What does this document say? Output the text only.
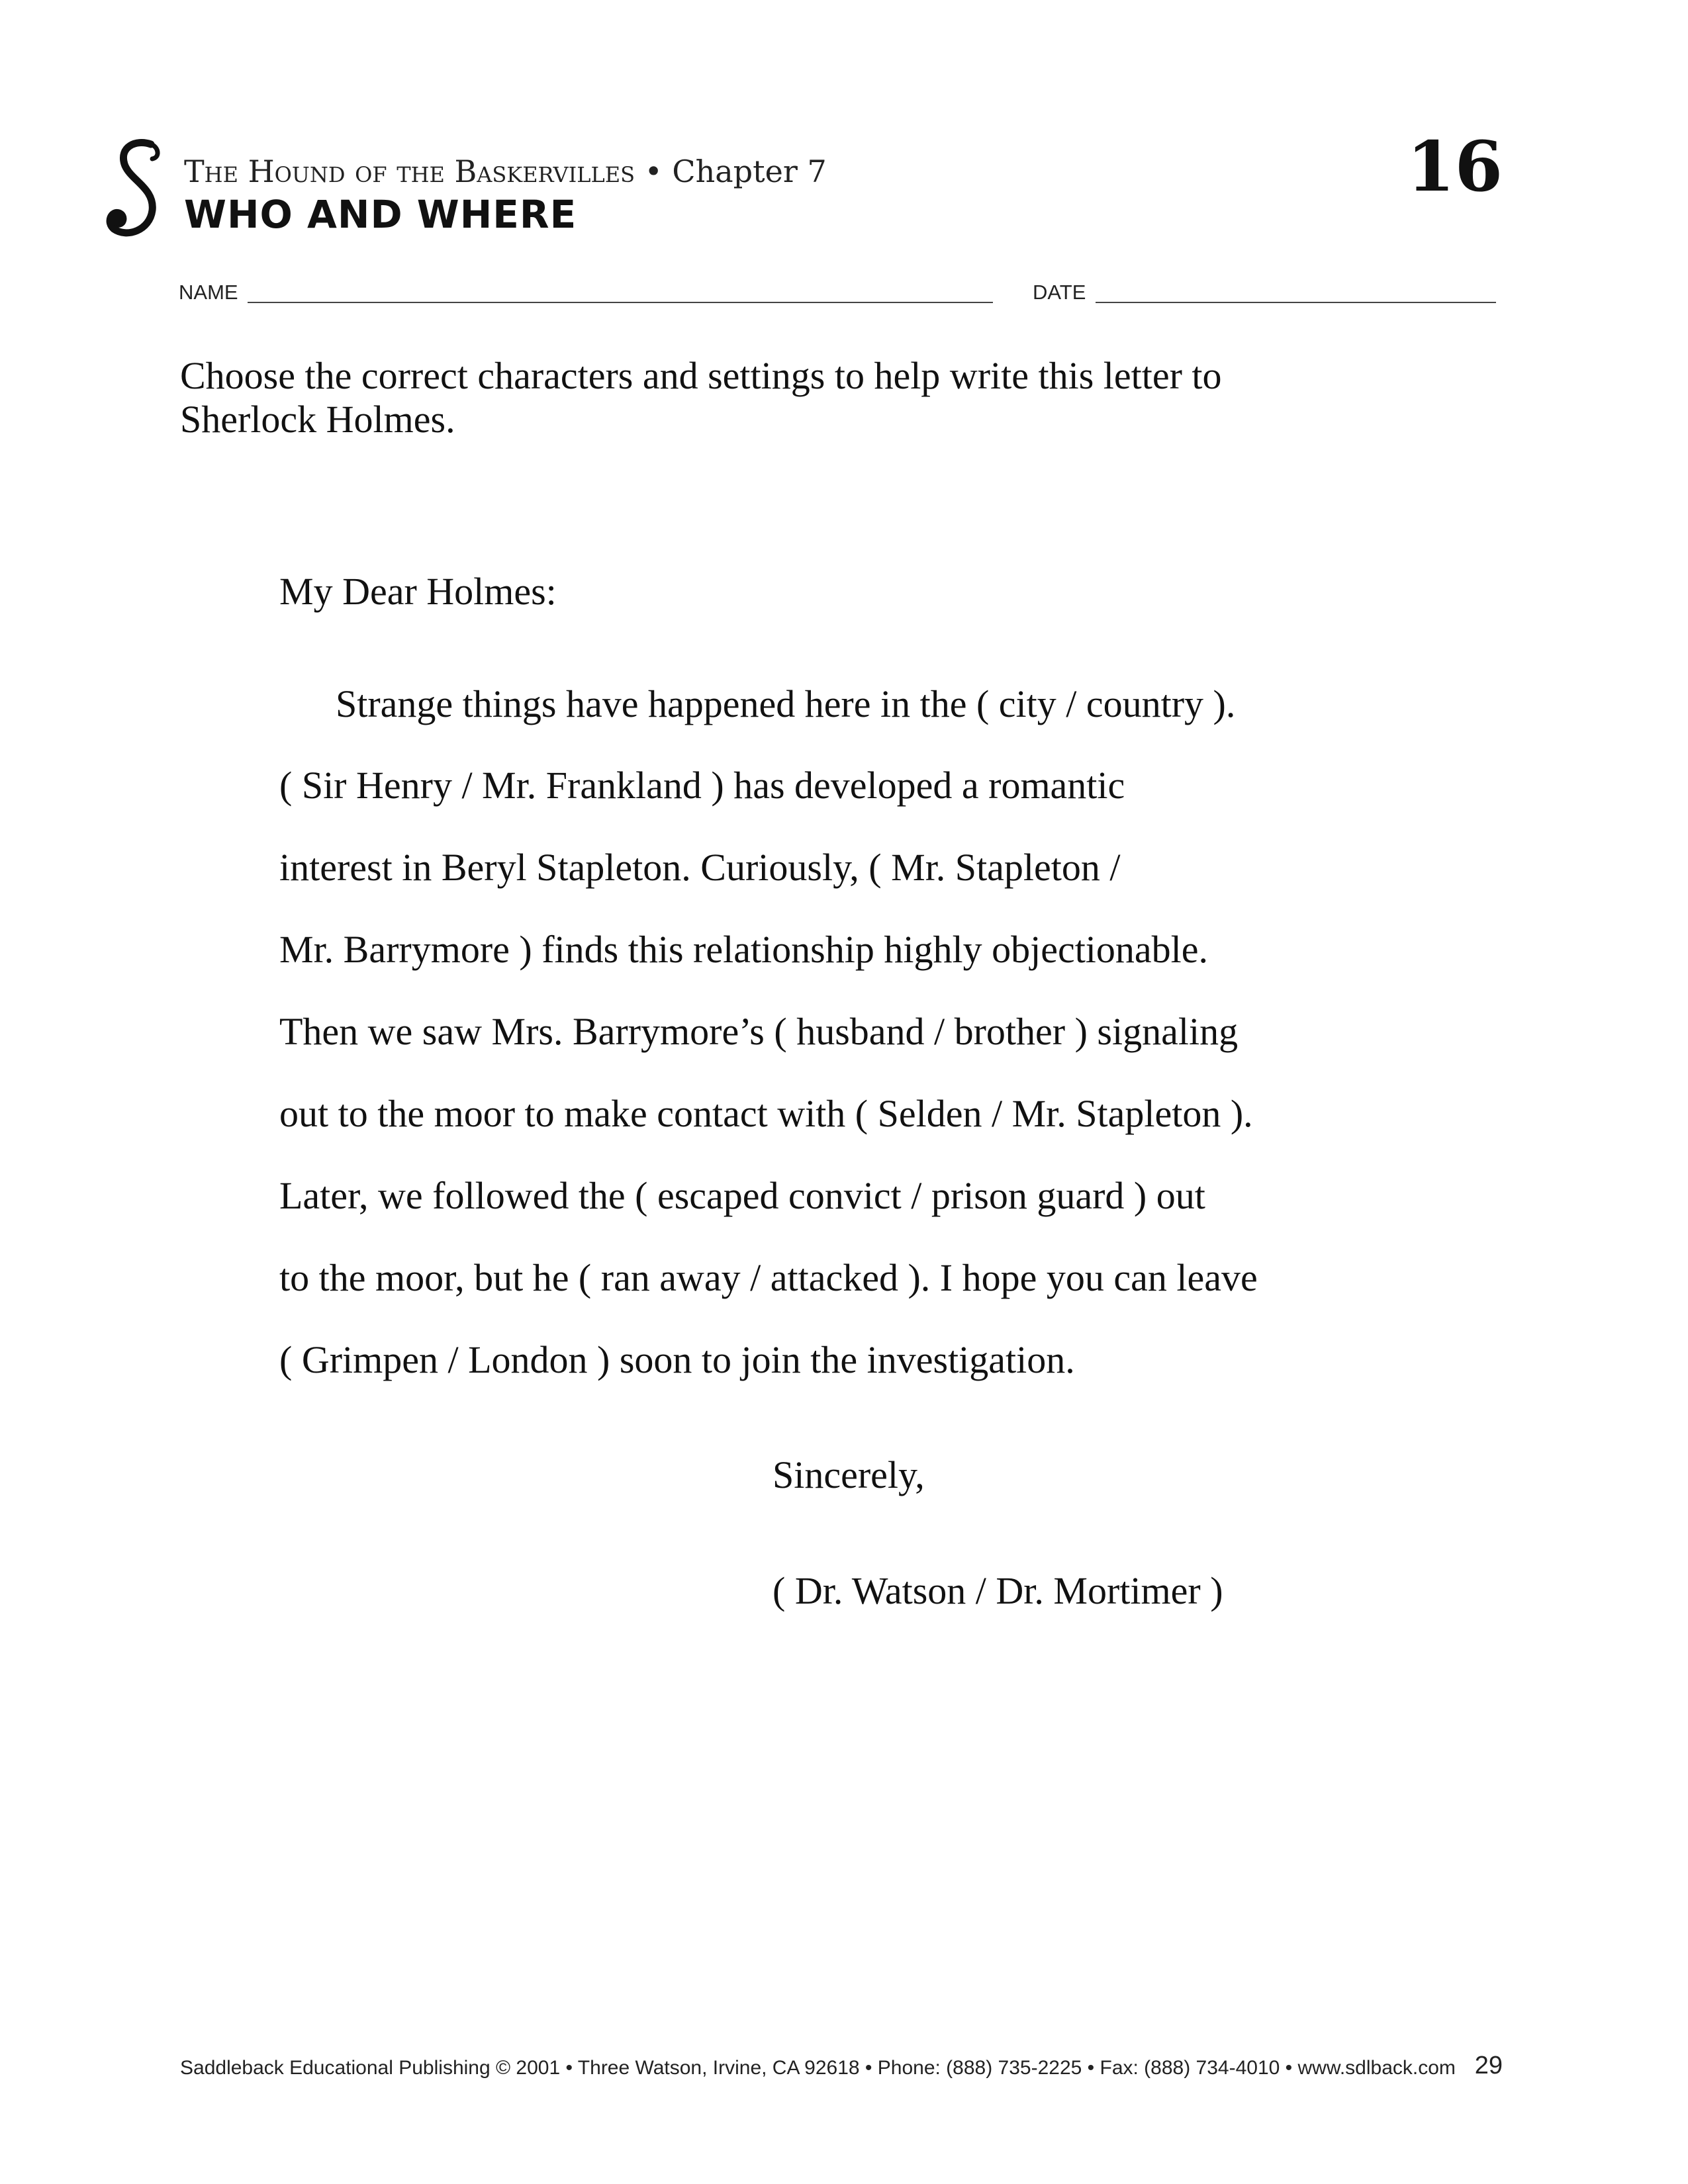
The Hound of the Baskervilles • Chapter 7
WHO AND WHERE
16
NAME	DATE
Choose the correct characters and settings to help write this letter to Sherlock Holmes.
My Dear Holmes:
Strange things have happened here in the ( city / country ).
( Sir Henry / Mr. Frankland ) has developed a romantic
interest in Beryl Stapleton. Curiously, ( Mr. Stapleton /
Mr. Barrymore ) finds this relationship highly objectionable.
Then we saw Mrs. Barrymore’s ( husband / brother ) signaling
out to the moor to make contact with ( Selden / Mr. Stapleton ).
Later, we followed the ( escaped convict / prison guard ) out
to the moor, but he ( ran away / attacked ). I hope you can leave
( Grimpen / London ) soon to join the investigation.
Sincerely,
( Dr. Watson / Dr. Mortimer )
Saddleback Educational Publishing © 2001 • Three Watson, Irvine, CA 92618 • Phone: (888) 735-2225 • Fax: (888) 734-4010 • www.sdlback.com 29
